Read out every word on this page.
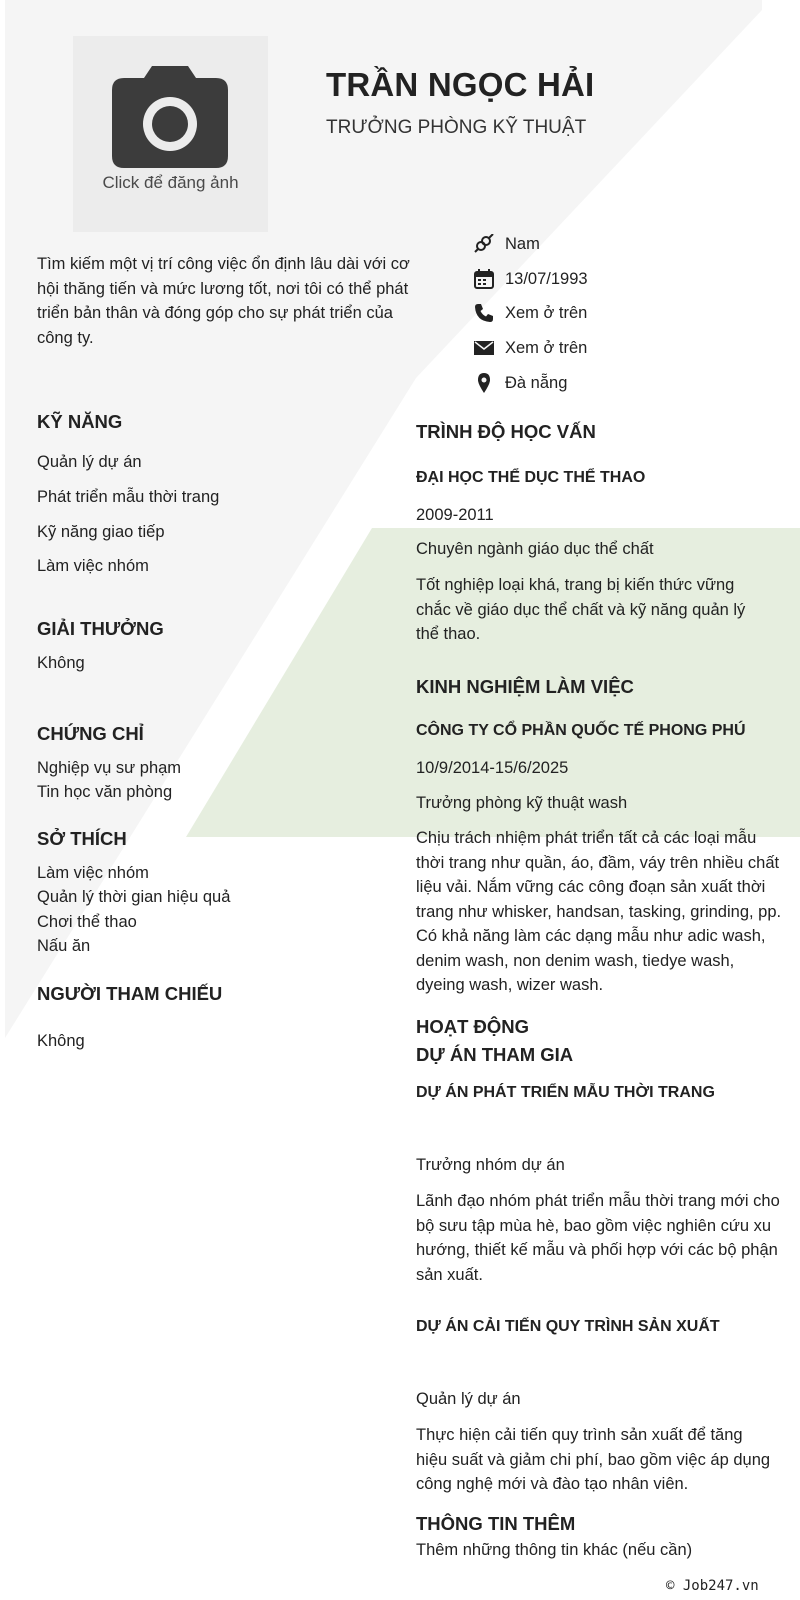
Click để đăng ảnh
TRẦN NGỌC HẢI
TRƯỞNG PHÒNG KỸ THUẬT
Tìm kiếm một vị trí công việc ổn định lâu dài với cơ hội thăng tiến và mức lương tốt, nơi tôi có thể phát triển bản thân và đóng góp cho sự phát triển của công ty.
Nam
13/07/1993
Xem ở trên
Xem ở trên
Đà nẵng
KỸ NĂNG
Quản lý dự án
Phát triển mẫu thời trang
Kỹ năng giao tiếp
Làm việc nhóm
GIẢI THƯỞNG
Không
CHỨNG CHỈ
Nghiệp vụ sư phạm
Tin học văn phòng
SỞ THÍCH
Làm việc nhóm
Quản lý thời gian hiệu quả
Chơi thể thao
Nấu ăn
NGƯỜI THAM CHIẾU
Không
TRÌNH ĐỘ HỌC VẤN
ĐẠI HỌC THỂ DỤC THỂ THAO
2009-2011
Chuyên ngành giáo dục thể chất
Tốt nghiệp loại khá, trang bị kiến thức vững chắc về giáo dục thể chất và kỹ năng quản lý thể thao.
KINH NGHIỆM LÀM VIỆC
CÔNG TY CỔ PHẦN QUỐC TẾ PHONG PHÚ
10/9/2014-15/6/2025
Trưởng phòng kỹ thuật wash
Chịu trách nhiệm phát triển tất cả các loại mẫu thời trang như quần, áo, đầm, váy trên nhiều chất liệu vải. Nắm vững các công đoạn sản xuất thời trang như whisker, handsan, tasking, grinding, pp. Có khả năng làm các dạng mẫu như adic wash, denim wash, non denim wash, tiedye wash, dyeing wash, wizer wash.
HOẠT ĐỘNG
DỰ ÁN THAM GIA
DỰ ÁN PHÁT TRIỂN MẪU THỜI TRANG
Trưởng nhóm dự án
Lãnh đạo nhóm phát triển mẫu thời trang mới cho bộ sưu tập mùa hè, bao gồm việc nghiên cứu xu hướng, thiết kế mẫu và phối hợp với các bộ phận sản xuất.
DỰ ÁN CẢI TIẾN QUY TRÌNH SẢN XUẤT
Quản lý dự án
Thực hiện cải tiến quy trình sản xuất để tăng hiệu suất và giảm chi phí, bao gồm việc áp dụng công nghệ mới và đào tạo nhân viên.
THÔNG TIN THÊM
Thêm những thông tin khác (nếu cần)
© Job247.vn
